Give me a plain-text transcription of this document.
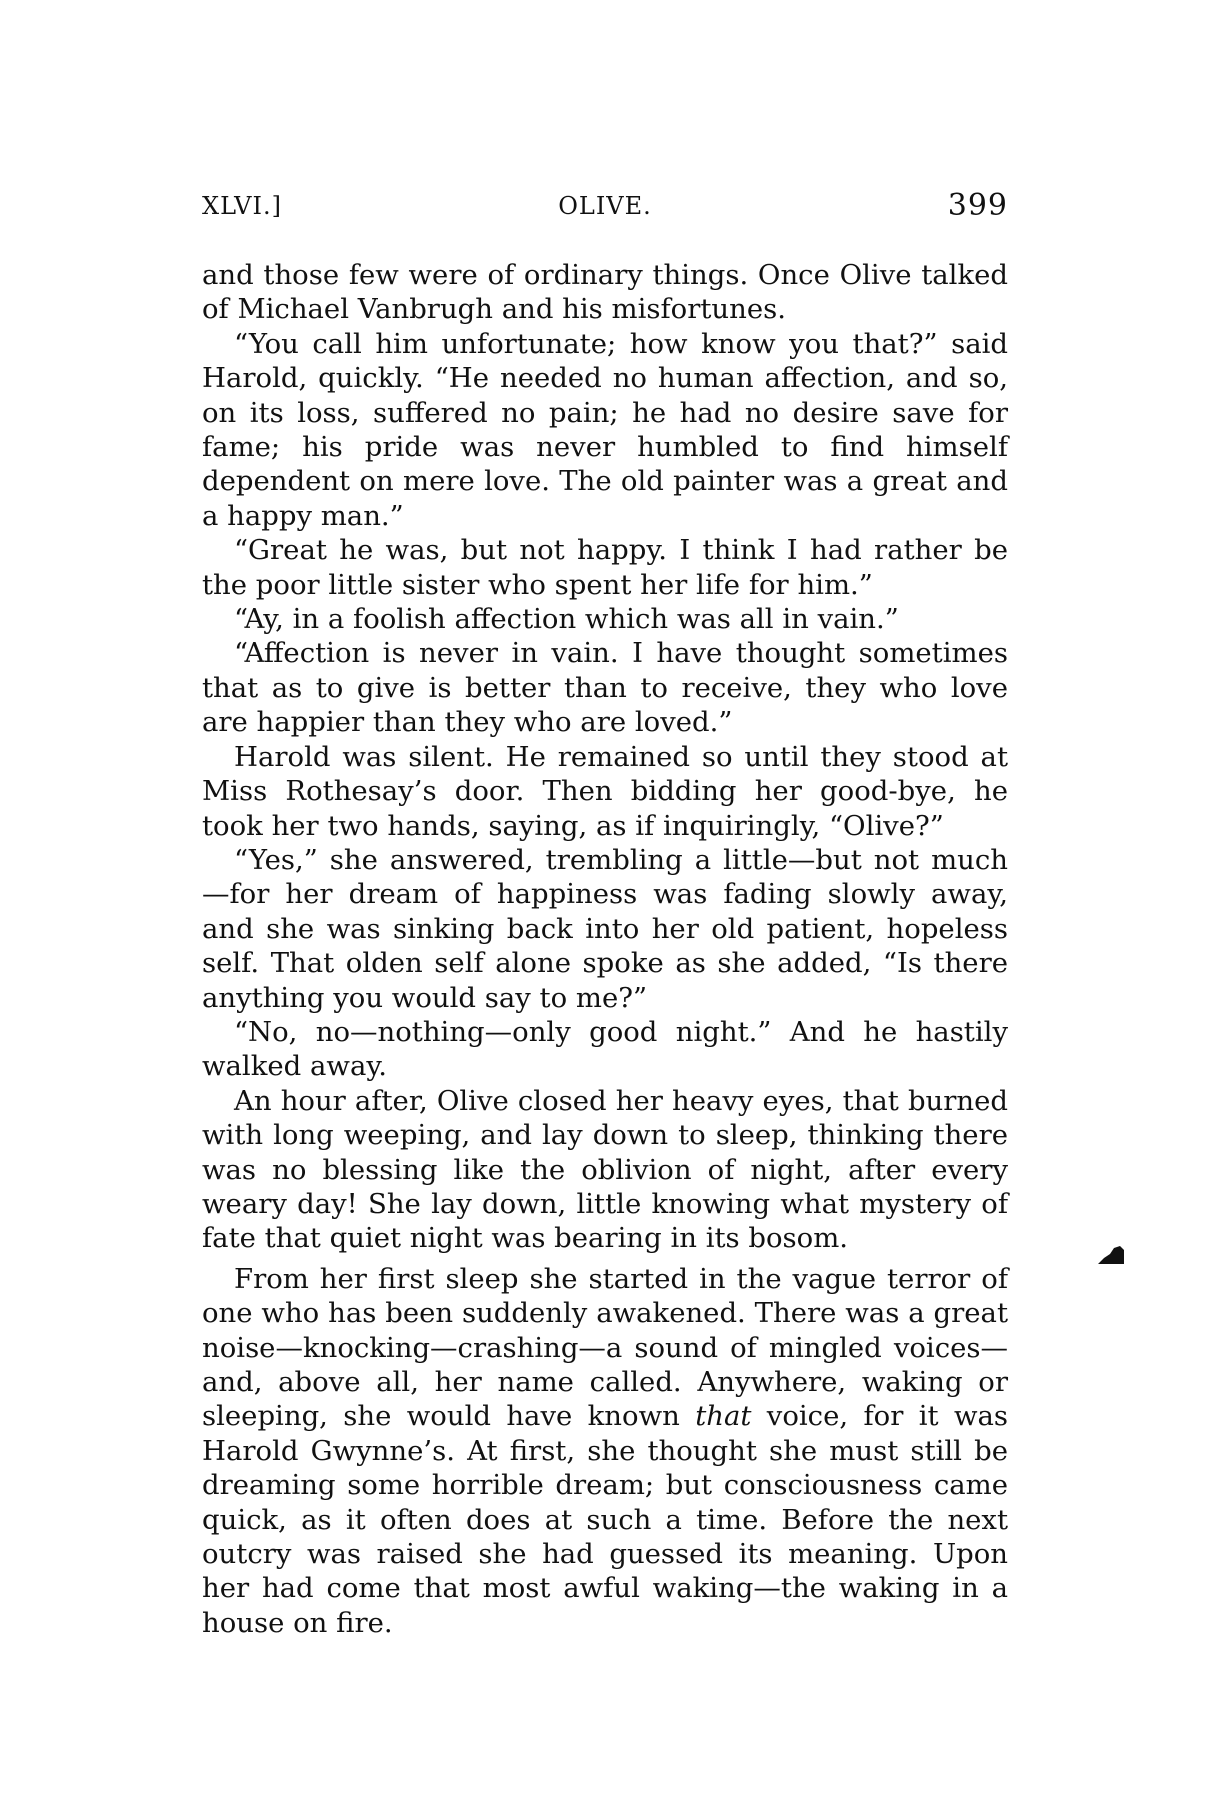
XLVI.]	OLIVE.	399

and those few were of ordinary things. Once Olive talked of Michael Vanbrugh and his misfortunes.

“You call him unfortunate; how know you that?” said Harold, quickly. “He needed no human affection, and so, on its loss, suffered no pain; he had no desire save for fame; his pride was never humbled to find himself dependent on mere love. The old painter was a great and a happy man.”

“Great he was, but not happy. I think I had rather be the poor little sister who spent her life for him.”

“Ay, in a foolish affection which was all in vain.”

“Affection is never in vain. I have thought sometimes that as to give is better than to receive, they who love are happier than they who are loved.”

Harold was silent. He remained so until they stood at Miss Rothesay’s door. Then bidding her good-bye, he took her two hands, saying, as if inquiringly, “Olive?”

“Yes,” she answered, trembling a little—but not much—for her dream of happiness was fading slowly away, and she was sinking back into her old patient, hopeless self. That olden self alone spoke as she added, “Is there anything you would say to me?”

“No, no—nothing—only good night.” And he hastily walked away.

An hour after, Olive closed her heavy eyes, that burned with long weeping, and lay down to sleep, thinking there was no blessing like the oblivion of night, after every weary day! She lay down, little knowing what mystery of fate that quiet night was bearing in its bosom.

From her first sleep she started in the vague terror of one who has been suddenly awakened. There was a great noise—knocking—crashing—a sound of mingled voices—and, above all, her name called. Anywhere, waking or sleeping, she would have known that voice, for it was Harold Gwynne’s. At first, she thought she must still be dreaming some horrible dream; but consciousness came quick, as it often does at such a time. Before the next outcry was raised she had guessed its meaning. Upon her had come that most awful waking—the waking in a house on fire.
